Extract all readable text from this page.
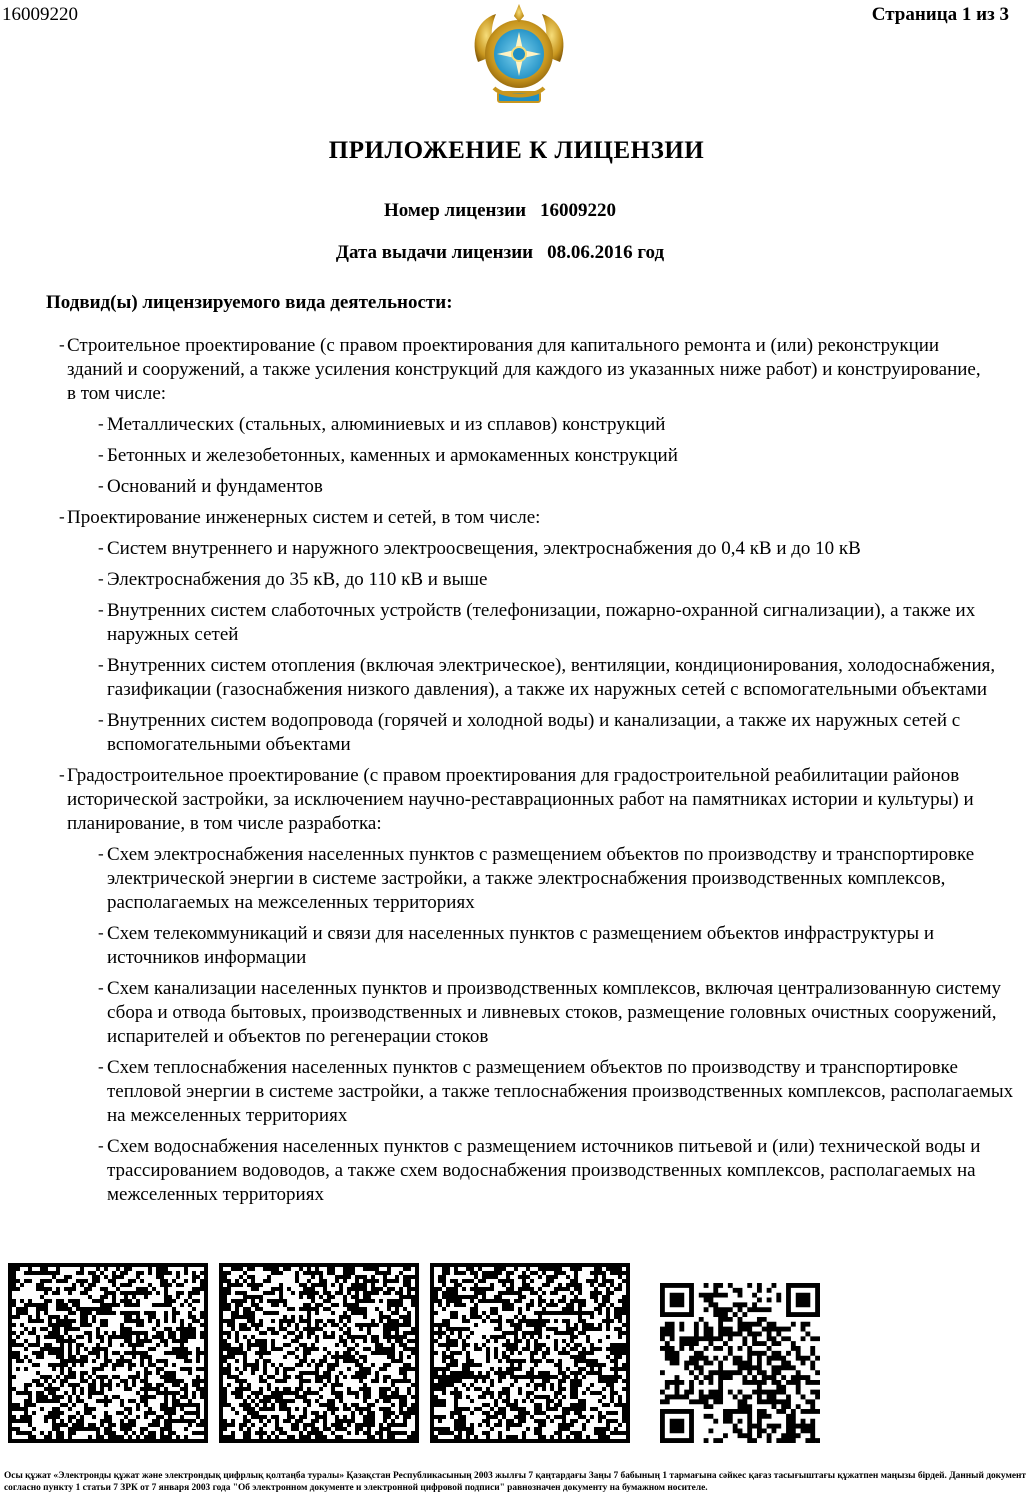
16009220	Страница 1 из 3
ПРИЛОЖЕНИЕ К ЛИЦЕНЗИИ
Номер лицензии 16009220
Дата выдачи лицензии 08.06.2016 год
Подвид(ы) лицензируемого вида деятельности:
- Строительное проектирование (с правом проектирования для капитального ремонта и (или) реконструкции зданий и сооружений, а также усиления конструкций для каждого из указанных ниже работ) и конструирование, в том числе:
- Металлических (стальных, алюминиевых и из сплавов) конструкций
- Бетонных и железобетонных, каменных и армокаменных конструкций
- Оснований и фундаментов
- Проектирование инженерных систем и сетей, в том числе:
- Систем внутреннего и наружного электроосвещения, электроснабжения до 0,4 кВ и до 10 кВ
- Электроснабжения до 35 кВ, до 110 кВ и выше
- Внутренних систем слаботочных устройств (телефонизации, пожарно-охранной сигнализации), а также их наружных сетей
- Внутренних систем отопления (включая электрическое), вентиляции, кондиционирования, холодоснабжения, газификации (газоснабжения низкого давления), а также их наружных сетей с вспомогательными объектами
- Внутренних систем водопровода (горячей и холодной воды) и канализации, а также их наружных сетей с вспомогательными объектами
- Градостроительное проектирование (с правом проектирования для градостроительной реабилитации районов исторической застройки, за исключением научно-реставрационных работ на памятниках истории и культуры) и планирование, в том числе разработка:
- Схем электроснабжения населенных пунктов с размещением объектов по производству и транспортировке электрической энергии в системе застройки, а также электроснабжения производственных комплексов, располагаемых на межселенных территориях
- Схем телекоммуникаций и связи для населенных пунктов с размещением объектов инфраструктуры и источников информации
- Схем канализации населенных пунктов и производственных комплексов, включая централизованную систему сбора и отвода бытовых, производственных и ливневых стоков, размещение головных очистных сооружений, испарителей и объектов по регенерации стоков
- Схем теплоснабжения населенных пунктов с размещением объектов по производству и транспортировке тепловой энергии в системе застройки, а также теплоснабжения производственных комплексов, располагаемых на межселенных территориях
- Схем водоснабжения населенных пунктов с размещением источников питьевой и (или) технической воды и трассированием водоводов, а также схем водоснабжения производственных комплексов, располагаемых на межселенных территориях
Осы құжат «Электронды құжат және электрондық цифрлық қолтаңба туралы» Қазақстан Республикасының 2003 жылғы 7 қаңтардағы Заңы 7 бабының 1 тармағына сәйкес қағаз тасығыштағы құжатпен маңызы бірдей. Данный документ согласно пункту 1 статьи 7 ЗРК от 7 января 2003 года "Об электронном документе и электронной цифровой подписи" равнозначен документу на бумажном носителе.
